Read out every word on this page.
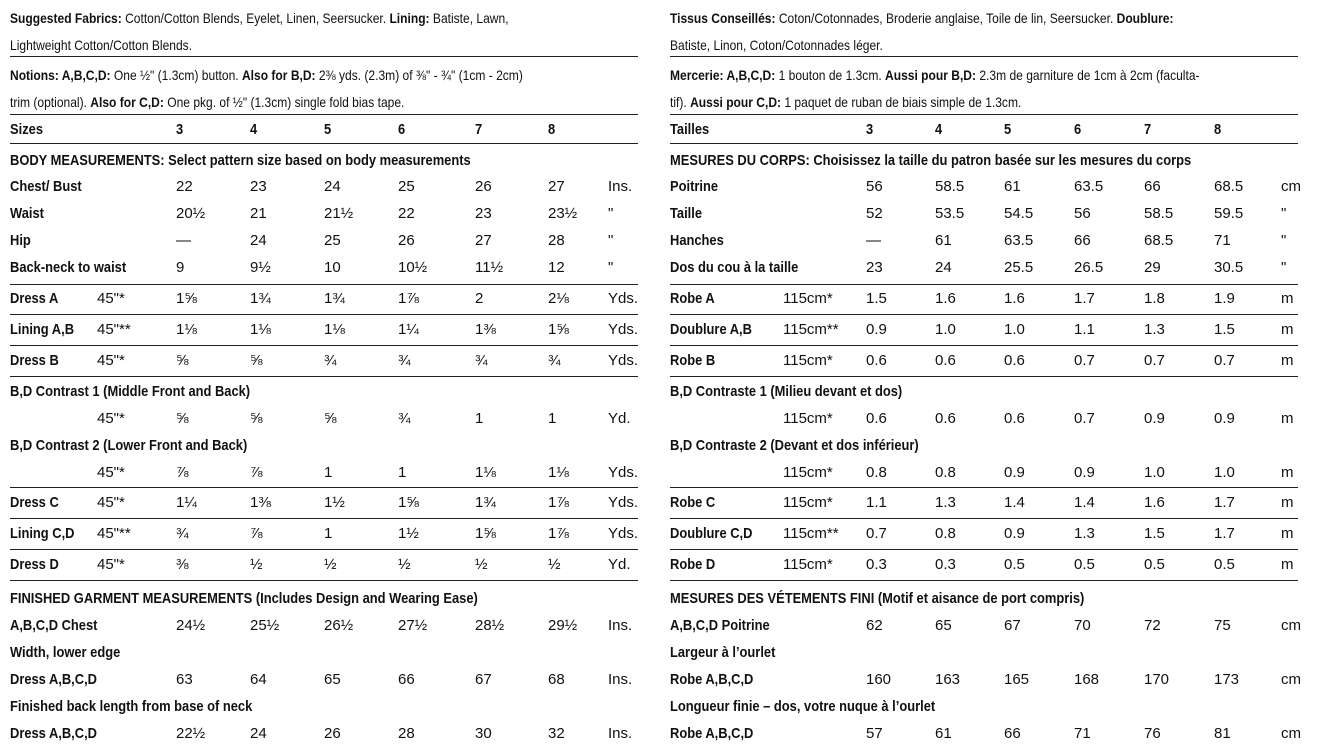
Suggested Fabrics: Cotton/Cotton Blends, Eyelet, Linen, Seersucker. Lining: Batiste, Lawn,
Lightweight Cotton/Cotton Blends.
Notions: A,B,C,D: One ½" (1.3cm) button. Also for B,D: 2⅜ yds. (2.3m) of ⅜" - ¾" (1cm - 2cm)
trim (optional). Also for C,D: One pkg. of ½" (1.3cm) single fold bias tape.
Sizes	3	4	5	6	7	8
BODY MEASUREMENTS: Select pattern size based on body measurements
Chest/ Bust	22	23	24	25	26	27	Ins.
Waist	20½	21	21½	22	23	23½ "
Hip	—	24	25	26	27	28	"
Back-neck to waist	9	9½	10	10½	11½	12	"
Dress A	45"*	1⅝	1¾	1¾	1⅞	2	2⅛	Yds.
Lining A,B 45"**	1⅛	1⅛	1⅛	1¼	1⅜	1⅝	Yds.
Dress B	45"*	⅝	⅝	¾	¾	¾	¾	Yds.
B,D Contrast 1 (Middle Front and Back)
45"*	⅝	⅝	⅝	¾	1	1	Yd.
B,D Contrast 2 (Lower Front and Back)
45"*	⅞	⅞	1	1	1⅛	1⅛	Yds.
Dress C	45"*	1¼	1⅜	1½	1⅝	1¾	1⅞	Yds.
Lining C,D 45"**	¾	⅞	1	1½	1⅝	1⅞	Yds.
Dress D	45"*	⅜	½	½	½	½	½	Yd.
FINISHED GARMENT MEASUREMENTS (Includes Design and Wearing Ease)
A,B,C,D Chest	24½	25½	26½	27½	28½	29½ Ins.
Width, lower edge
Dress A,B,C,D	63	64	65	66	67	68	Ins.
Finished back length from base of neck
Dress A,B,C,D	22½	24	26	28	30	32	Ins.
Tissus Conseillés: Coton/Cotonnades, Broderie anglaise, Toile de lin, Seersucker. Doublure:
Batiste, Linon, Coton/Cotonnades léger.
Mercerie: A,B,C,D: 1 bouton de 1.3cm. Aussi pour B,D: 2.3m de garniture de 1cm à 2cm (faculta-
tif). Aussi pour C,D: 1 paquet de ruban de biais simple de 1.3cm.
Tailles	3	4	5	6	7	8
MESURES DU CORPS: Choisissez la taille du patron basée sur les mesures du corps
Poitrine	56	58.5	61	63.5	66	68.5	cm
Taille	52	53.5	54.5	56	58.5	59.5	"
Hanches	—	61	63.5	66	68.5	71	"
Dos du cou à la taille	23	24	25.5	26.5	29	30.5	"
Robe A	115cm* 1.5	1.6	1.6	1.7	1.8	1.9	m
Doublure A,B 115cm** 0.9	1.0	1.0	1.1	1.3	1.5	m
Robe B	115cm* 0.6	0.6	0.6	0.7	0.7	0.7	m
B,D Contraste 1 (Milieu devant et dos)
115cm* 0.6	0.6	0.6	0.7	0.9	0.9	m
B,D Contraste 2 (Devant et dos inférieur)
115cm* 0.8	0.8	0.9	0.9	1.0	1.0	m
Robe C	115cm* 1.1	1.3	1.4	1.4	1.6	1.7	m
Doublure C,D 115cm** 0.7	0.8	0.9	1.3	1.5	1.7	m
Robe D	115cm* 0.3	0.3	0.5	0.5	0.5	0.5	m
MESURES DES VÉTEMENTS FINI (Motif et aisance de port compris)
A,B,C,D Poitrine	62	65	67	70	72	75	cm
Largeur à l’ourlet
Robe A,B,C,D	160	163	165	168	170	173	cm
Longueur finie – dos, votre nuque à l’ourlet
Robe A,B,C,D	57	61	66	71	76	81	cm
